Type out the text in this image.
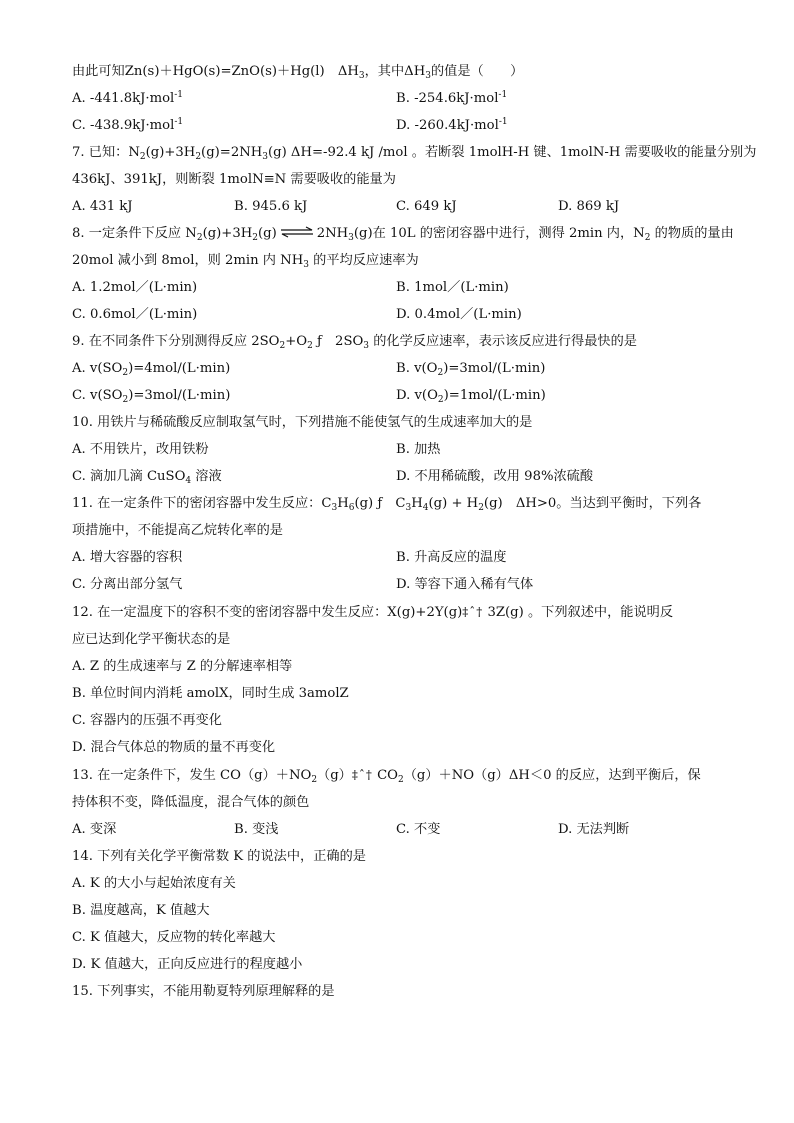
由此可知Zn(s)＋HgO(s)=ZnO(s)＋Hg(l)　$\Delta H_3$，其中$\Delta H_3$的值是（　　）
A. -441.8kJ·mol$^{-1}$	B. -254.6kJ·mol$^{-1}$
C. -438.9kJ·mol$^{-1}$	D. -260.4kJ·mol$^{-1}$
7. 已知：$N_2(g)+3H_2(g)=2NH_3(g)$ ΔH=-92.4 kJ /mol 。若断裂 1molH-H 键、1molN-H 需要吸收的能量分别为
436kJ、391kJ，则断裂 1molN≡N 需要吸收的能量为
A. 431 kJ	B. 945.6 kJ	C. 649 kJ	D. 869 kJ
8. 一定条件下反应 $N_2(g)+3H_2(g)$ ⇌ $2NH_3(g)$在 10L 的密闭容器中进行，测得 2min 内，$N_2$ 的物质的量由
20mol 减小到 8mol，则 2min 内 $NH_3$ 的平均反应速率为
A. 1.2mol／(L·min)	B. 1mol／(L·min)
C. 0.6mol／(L·min)	D. 0.4mol／(L·min)
9. 在不同条件下分别测得反应 $2SO_2+O_2$ ƒ　$2SO_3$ 的化学反应速率，表示该反应进行得最快的是
A. $v(SO_2)=4mol/(L\cdot\min)$	B. $v(O_2)=3mol/(L\cdot\min)$
C. $v(SO_2)=3mol/(L\cdot\min)$	D. $v(O_2)=1mol/(L\cdot\min)$
10. 用铁片与稀硫酸反应制取氢气时，下列措施不能使氢气的生成速率加大的是
A. 不用铁片，改用铁粉	B. 加热
C. 滴加几滴 CuSO$_4$ 溶液	D. 不用稀硫酸，改用 98%浓硫酸
11. 在一定条件下的密闭容器中发生反应：$C_3H_6(g)$ ƒ　$C_3H_4(g) + H_2(g)$　ΔH>0。当达到平衡时，下列各
项措施中，不能提高乙烷转化率的是
A. 增大容器的容积	B. 升高反应的温度
C. 分离出部分氢气	D. 等容下通入稀有气体
12. 在一定温度下的容积不变的密闭容器中发生反应：X(g)+2Y(g)‡ˆ† 3Z(g) 。下列叙述中，能说明反
应已达到化学平衡状态的是
A. Z 的生成速率与 Z 的分解速率相等
B. 单位时间内消耗 amolX，同时生成 3amolZ
C. 容器内的压强不再变化
D. 混合气体总的物质的量不再变化
13. 在一定条件下，发生 $CO(g)+NO_2(g)\ddagger ˆ\dagger$ $CO_2(g)+NO(g)\Delta H<0$ 的反应，达到平衡后，保
持体积不变，降低温度，混合气体的颜色
A. 变深	B. 变浅	C. 不变	D. 无法判断
14. 下列有关化学平衡常数 K 的说法中，正确的是
A. K 的大小与起始浓度有关
B. 温度越高，K 值越大
C. K 值越大，反应物的转化率越大
D. K 值越大，正向反应进行的程度越小
15. 下列事实，不能用勒夏特列原理解释的是
